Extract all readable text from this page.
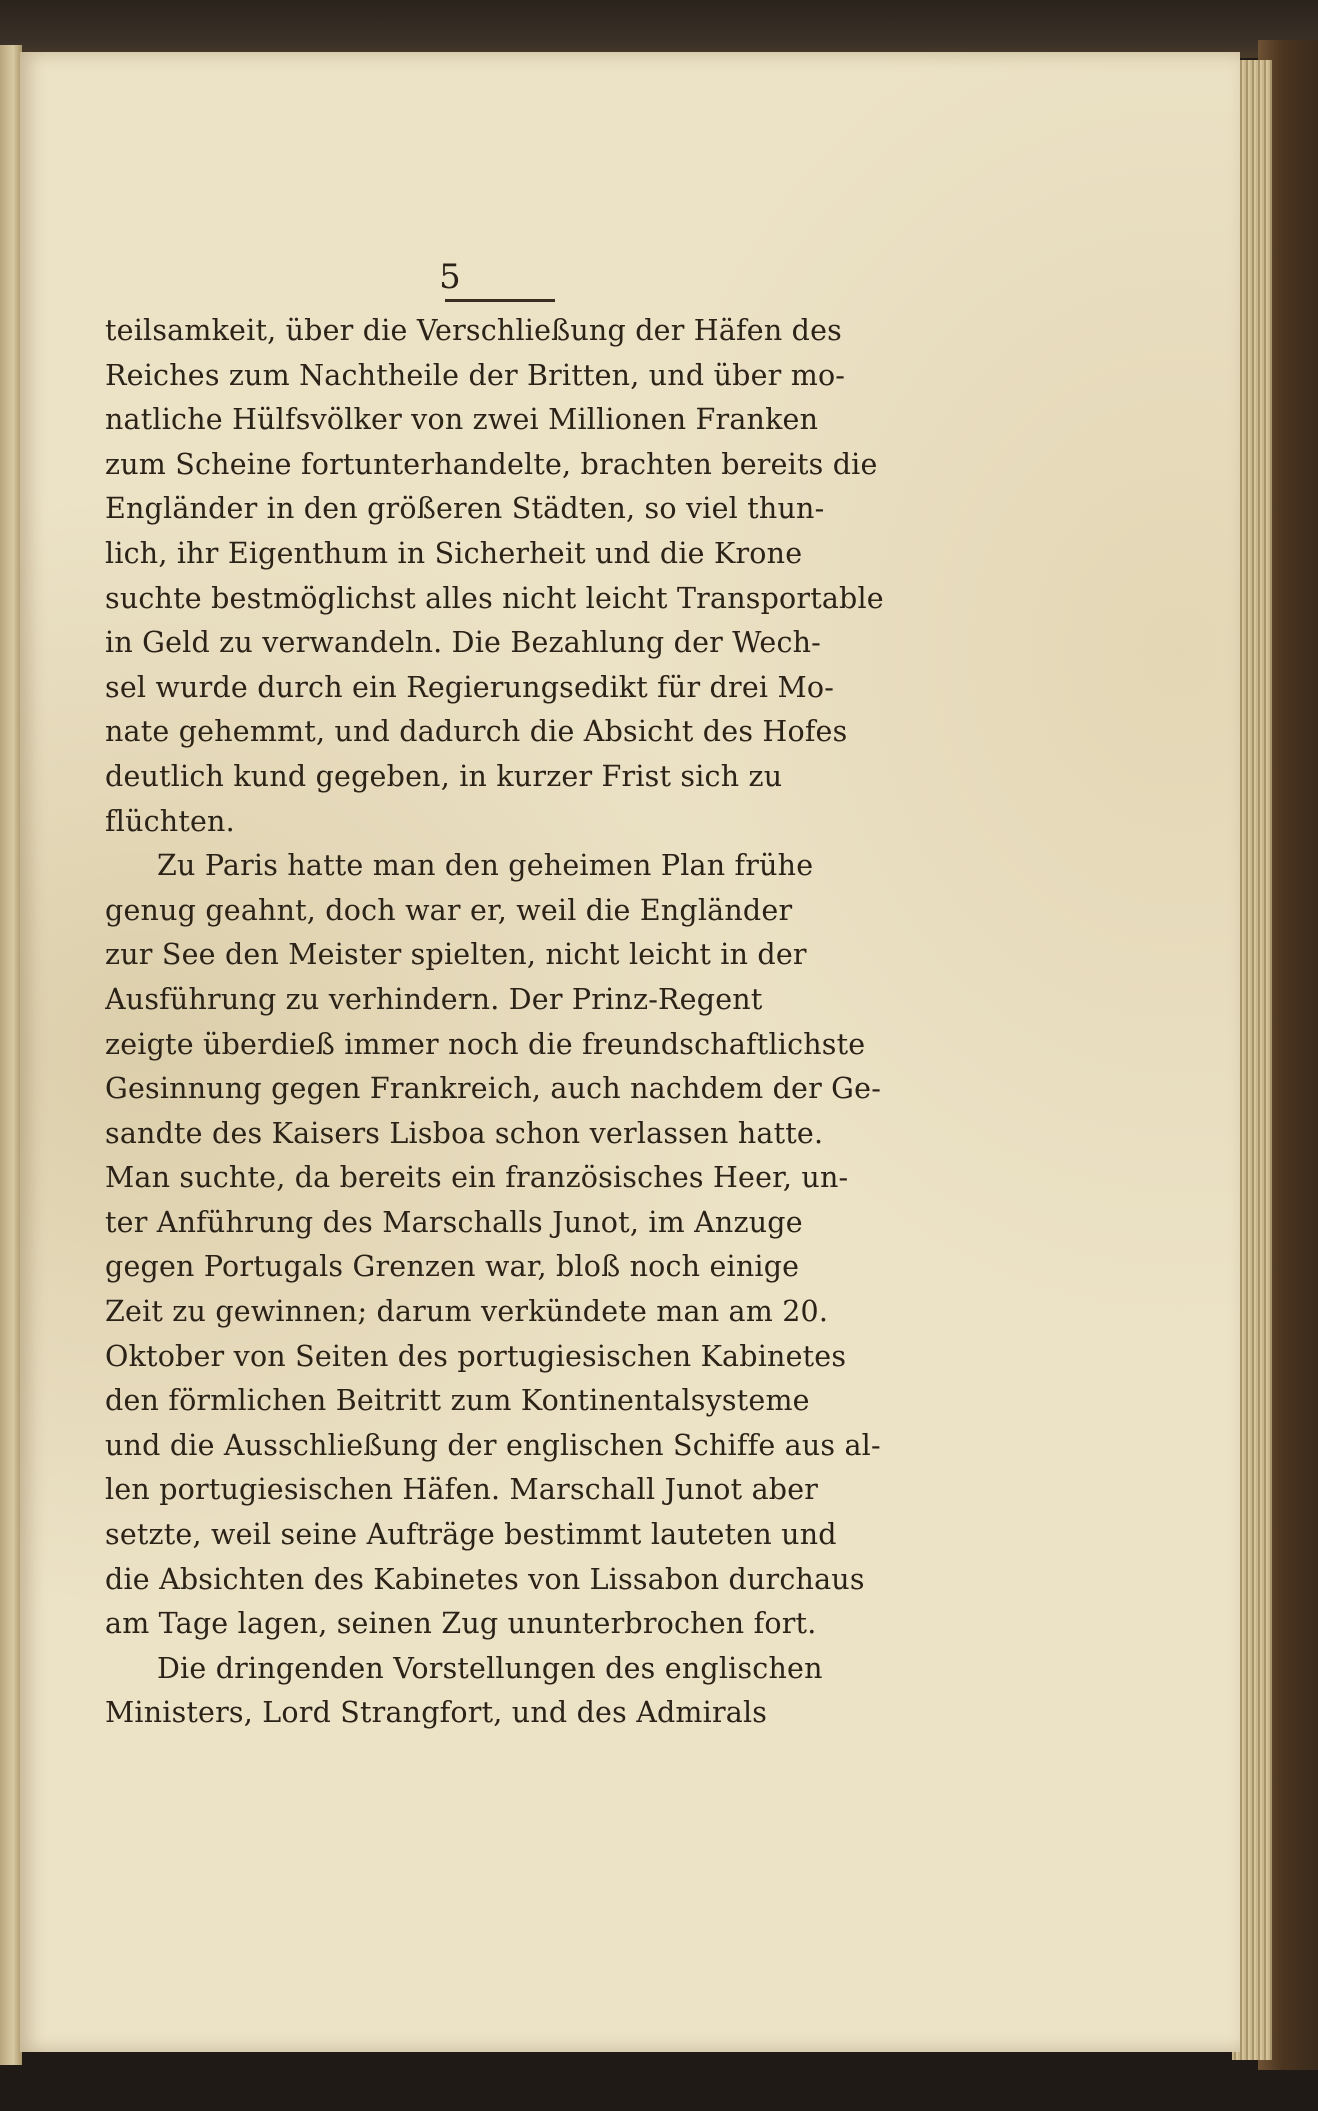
5
teilsamkeit, über die Verschließung der Häfen des
Reiches zum Nachtheile der Britten, und über mo-
natliche Hülfsvölker von zwei Millionen Franken
zum Scheine fortunterhandelte, brachten bereits die
Engländer in den größeren Städten, so viel thun-
lich, ihr Eigenthum in Sicherheit und die Krone
suchte bestmöglichst alles nicht leicht Transportable
in Geld zu verwandeln. Die Bezahlung der Wech-
sel wurde durch ein Regierungsedikt für drei Mo-
nate gehemmt, und dadurch die Absicht des Hofes
deutlich kund gegeben, in kurzer Frist sich zu
flüchten.
Zu Paris hatte man den geheimen Plan frühe
genug geahnt, doch war er, weil die Engländer
zur See den Meister spielten, nicht leicht in der
Ausführung zu verhindern. Der Prinz-Regent
zeigte überdieß immer noch die freundschaftlichste
Gesinnung gegen Frankreich, auch nachdem der Ge-
sandte des Kaisers Lisboa schon verlassen hatte.
Man suchte, da bereits ein französisches Heer, un-
ter Anführung des Marschalls Junot, im Anzuge
gegen Portugals Grenzen war, bloß noch einige
Zeit zu gewinnen; darum verkündete man am 20.
Oktober von Seiten des portugiesischen Kabinetes
den förmlichen Beitritt zum Kontinentalsysteme
und die Ausschließung der englischen Schiffe aus al-
len portugiesischen Häfen. Marschall Junot aber
setzte, weil seine Aufträge bestimmt lauteten und
die Absichten des Kabinetes von Lissabon durchaus
am Tage lagen, seinen Zug ununterbrochen fort.
Die dringenden Vorstellungen des englischen
Ministers, Lord Strangfort, und des Admirals
